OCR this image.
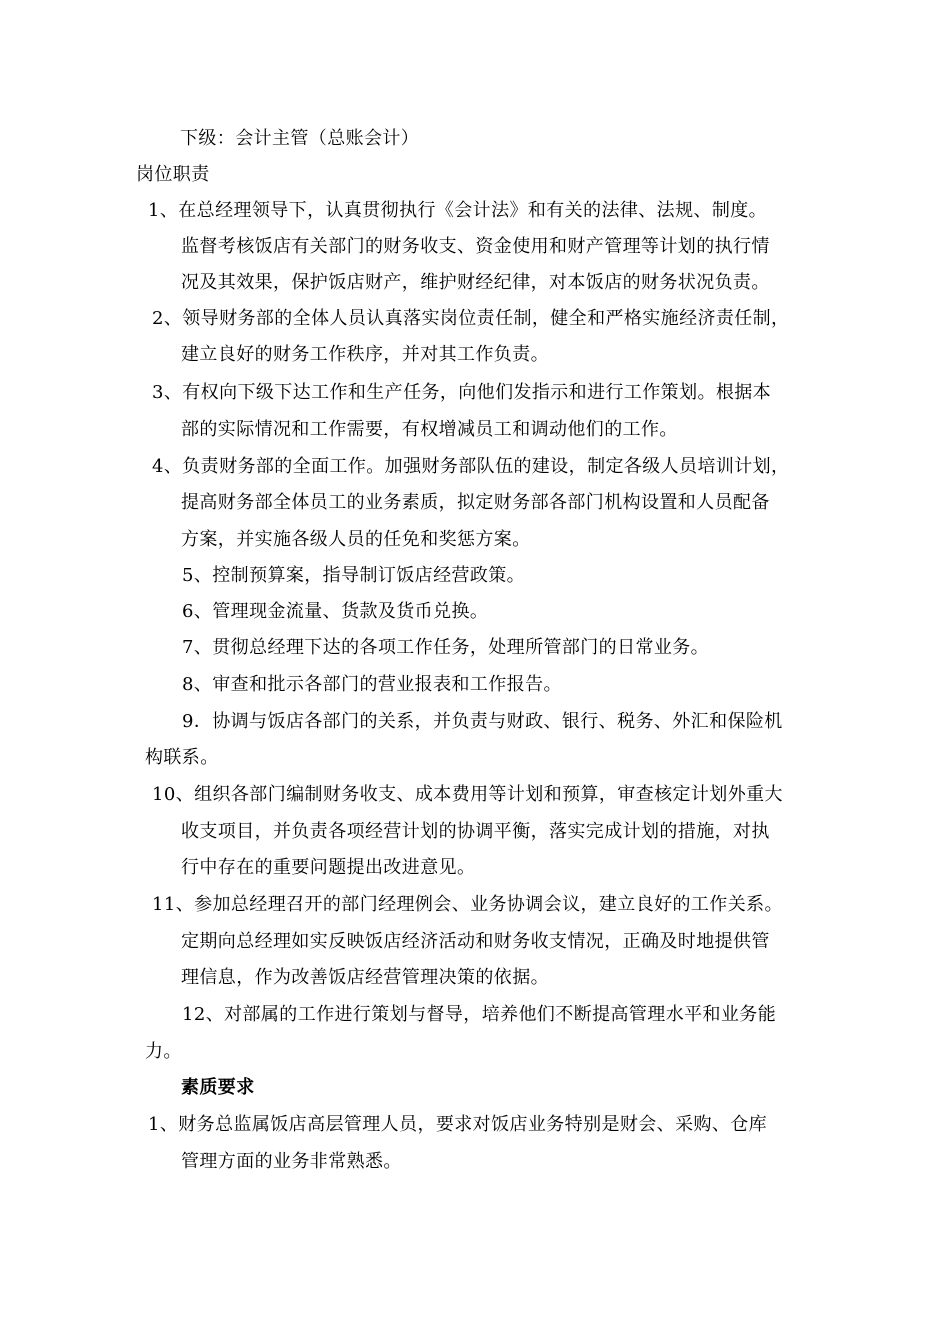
下级：会计主管（总账会计）
岗位职责
1、在总经理领导下，认真贯彻执行《会计法》和有关的法律、法规、制度。
监督考核饭店有关部门的财务收支、资金使用和财产管理等计划的执行情
况及其效果，保护饭店财产，维护财经纪律，对本饭店的财务状况负责。
2、领导财务部的全体人员认真落实岗位责任制，健全和严格实施经济责任制，
建立良好的财务工作秩序，并对其工作负责。
3、有权向下级下达工作和生产任务，向他们发指示和进行工作策划。根据本
部的实际情况和工作需要，有权增减员工和调动他们的工作。
4、负责财务部的全面工作。加强财务部队伍的建设，制定各级人员培训计划，
提高财务部全体员工的业务素质，拟定财务部各部门机构设置和人员配备
方案，并实施各级人员的任免和奖惩方案。
5、控制预算案，指导制订饭店经营政策。
6、管理现金流量、货款及货币兑换。
7、贯彻总经理下达的各项工作任务，处理所管部门的日常业务。
8、审查和批示各部门的营业报表和工作报告。
9．协调与饭店各部门的关系，并负责与财政、银行、税务、外汇和保险机
构联系。
10、组织各部门编制财务收支、成本费用等计划和预算，审查核定计划外重大
收支项目，并负责各项经营计划的协调平衡，落实完成计划的措施，对执
行中存在的重要问题提出改进意见。
11、参加总经理召开的部门经理例会、业务协调会议，建立良好的工作关系。
定期向总经理如实反映饭店经济活动和财务收支情况，正确及时地提供管
理信息，作为改善饭店经营管理决策的依据。
12、对部属的工作进行策划与督导，培养他们不断提高管理水平和业务能
力。
素质要求
1、财务总监属饭店高层管理人员，要求对饭店业务特别是财会、采购、仓库
管理方面的业务非常熟悉。
